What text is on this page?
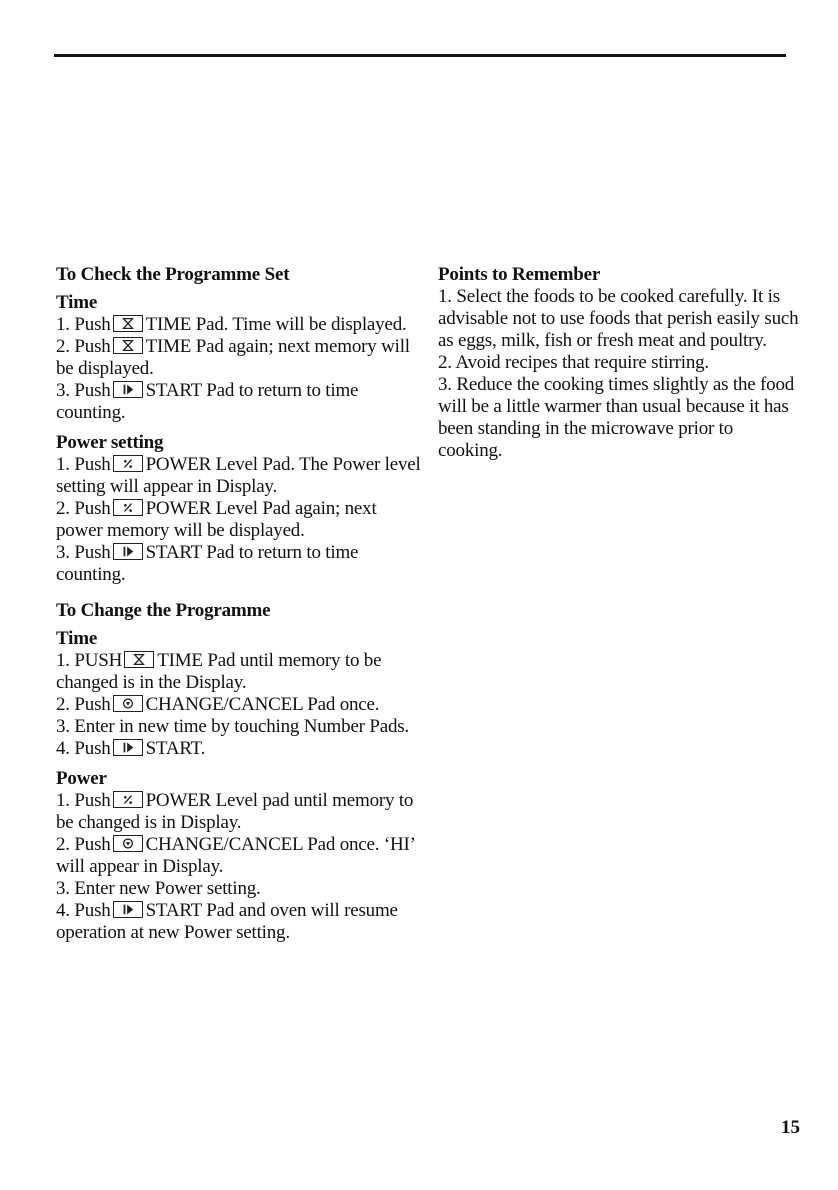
To Check the Programme Set

Time

1. Push TIME Pad. Time will be displayed.

2. Push TIME Pad again; next memory will be displayed.

3. Push START Pad to return to time counting.

Power setting

1. Push POWER Level Pad. The Power level setting will appear in Display.

2. Push POWER Level Pad again; next power memory will be displayed.

3. Push START Pad to return to time counting.

To Change the Programme

Time

1. PUSH TIME Pad until memory to be changed is in the Display.

2. Push CHANGE/CANCEL Pad once.

3. Enter in new time by touching Number Pads.

4. Push START.

Power

1. Push POWER Level pad until memory to be changed is in Display.

2. Push CHANGE/CANCEL Pad once. ‘HI’ will appear in Display.

3. Enter new Power setting.

4. Push START Pad and oven will resume operation at new Power setting.

Points to Remember

1. Select the foods to be cooked carefully. It is advisable not to use foods that perish easily such as eggs, milk, fish or fresh meat and poultry.

2. Avoid recipes that require stirring.

3. Reduce the cooking times slightly as the food will be a little warmer than usual because it has been standing in the microwave prior to cooking.

15
